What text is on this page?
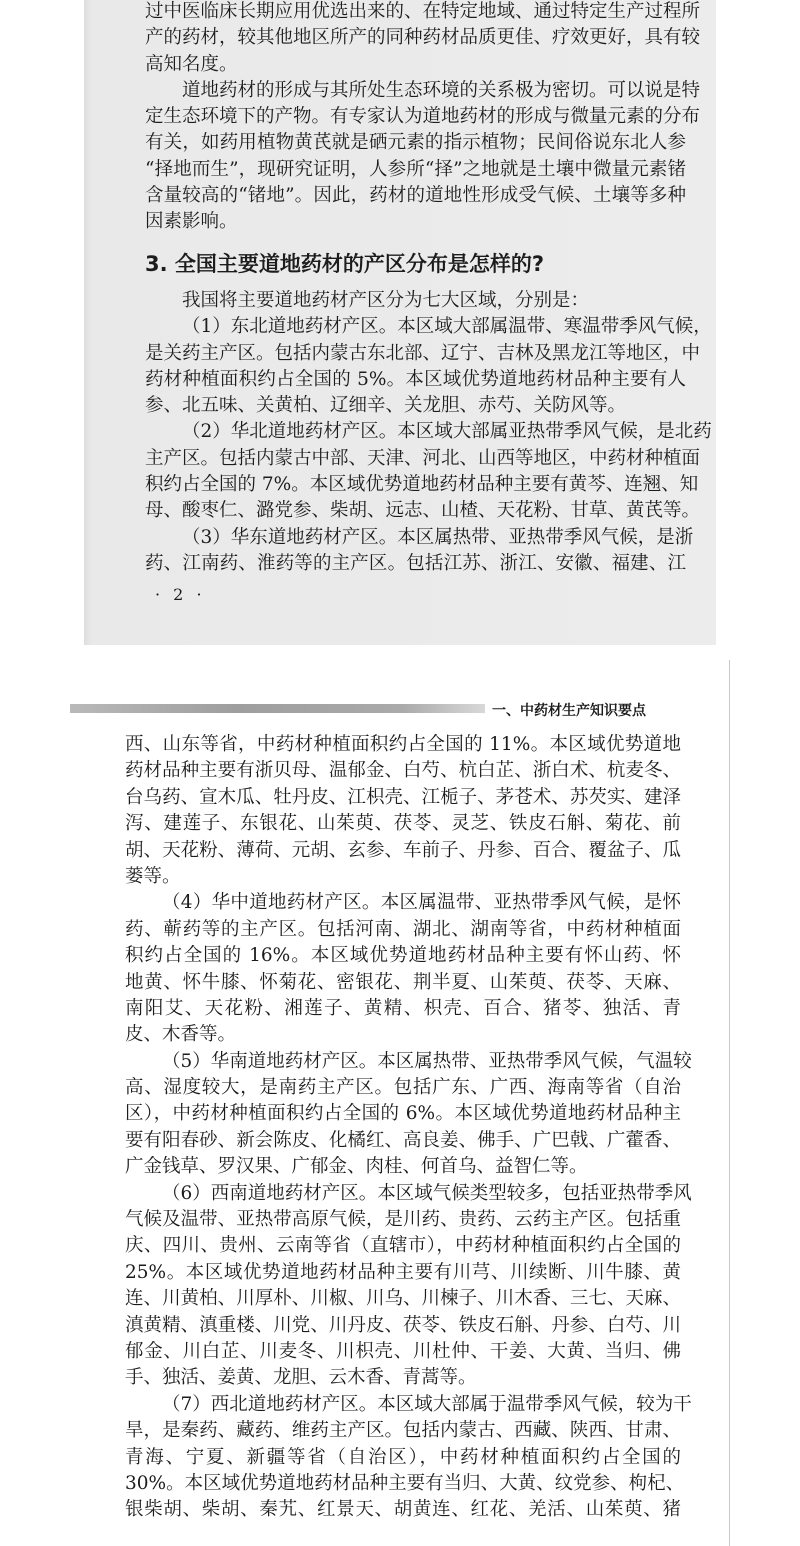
过中医临床长期应用优选出来的、在特定地域、通过特定生产过程所
产的药材，较其他地区所产的同种药材品质更佳、疗效更好，具有较
高知名度。
道地药材的形成与其所处生态环境的关系极为密切。可以说是特
定生态环境下的产物。有专家认为道地药材的形成与微量元素的分布
有关，如药用植物黄芪就是硒元素的指示植物；民间俗说东北人参
“择地而生”，现研究证明，人参所“择”之地就是土壤中微量元素锗
含量较高的“锗地”。因此，药材的道地性形成受气候、土壤等多种
因素影响。
3. 全国主要道地药材的产区分布是怎样的?
我国将主要道地药材产区分为七大区域，分别是：
（1）东北道地药材产区。本区域大部属温带、寒温带季风气候，
是关药主产区。包括内蒙古东北部、辽宁、吉林及黑龙江等地区，中
药材种植面积约占全国的 5%。本区域优势道地药材品种主要有人
参、北五味、关黄柏、辽细辛、关龙胆、赤芍、关防风等。
（2）华北道地药材产区。本区域大部属亚热带季风气候，是北药
主产区。包括内蒙古中部、天津、河北、山西等地区，中药材种植面
积约占全国的 7%。本区域优势道地药材品种主要有黄芩、连翘、知
母、酸枣仁、潞党参、柴胡、远志、山楂、天花粉、甘草、黄芪等。
（3）华东道地药材产区。本区属热带、亚热带季风气候，是浙
药、江南药、淮药等的主产区。包括江苏、浙江、安徽、福建、江
· 2 ·
一、中药材生产知识要点
西、山东等省，中药材种植面积约占全国的 11%。本区域优势道地
药材品种主要有浙贝母、温郁金、白芍、杭白芷、浙白术、杭麦冬、
台乌药、宣木瓜、牡丹皮、江枳壳、江栀子、茅苍术、苏芡实、建泽
泻、建莲子、东银花、山茱萸、茯苓、灵芝、铁皮石斛、菊花、前
胡、天花粉、薄荷、元胡、玄参、车前子、丹参、百合、覆盆子、瓜
蒌等。
（4）华中道地药材产区。本区属温带、亚热带季风气候，是怀
药、蕲药等的主产区。包括河南、湖北、湖南等省，中药材种植面
积约占全国的 16%。本区域优势道地药材品种主要有怀山药、怀
地黄、怀牛膝、怀菊花、密银花、荆半夏、山茱萸、茯苓、天麻、
南阳艾、天花粉、湘莲子、黄精、枳壳、百合、猪苓、独活、青
皮、木香等。
（5）华南道地药材产区。本区属热带、亚热带季风气候，气温较
高、湿度较大，是南药主产区。包括广东、广西、海南等省（自治
区），中药材种植面积约占全国的 6%。本区域优势道地药材品种主
要有阳春砂、新会陈皮、化橘红、高良姜、佛手、广巴戟、广藿香、
广金钱草、罗汉果、广郁金、肉桂、何首乌、益智仁等。
（6）西南道地药材产区。本区域气候类型较多，包括亚热带季风
气候及温带、亚热带高原气候，是川药、贵药、云药主产区。包括重
庆、四川、贵州、云南等省（直辖市），中药材种植面积约占全国的
25%。本区域优势道地药材品种主要有川芎、川续断、川牛膝、黄
连、川黄柏、川厚朴、川椒、川乌、川楝子、川木香、三七、天麻、
滇黄精、滇重楼、川党、川丹皮、茯苓、铁皮石斛、丹参、白芍、川
郁金、川白芷、川麦冬、川枳壳、川杜仲、干姜、大黄、当归、佛
手、独活、姜黄、龙胆、云木香、青蒿等。
（7）西北道地药材产区。本区域大部属于温带季风气候，较为干
旱，是秦药、藏药、维药主产区。包括内蒙古、西藏、陕西、甘肃、
青海、宁夏、新疆等省（自治区），中药材种植面积约占全国的
30%。本区域优势道地药材品种主要有当归、大黄、纹党参、枸杞、
银柴胡、柴胡、秦艽、红景天、胡黄连、红花、羌活、山茱萸、猪
